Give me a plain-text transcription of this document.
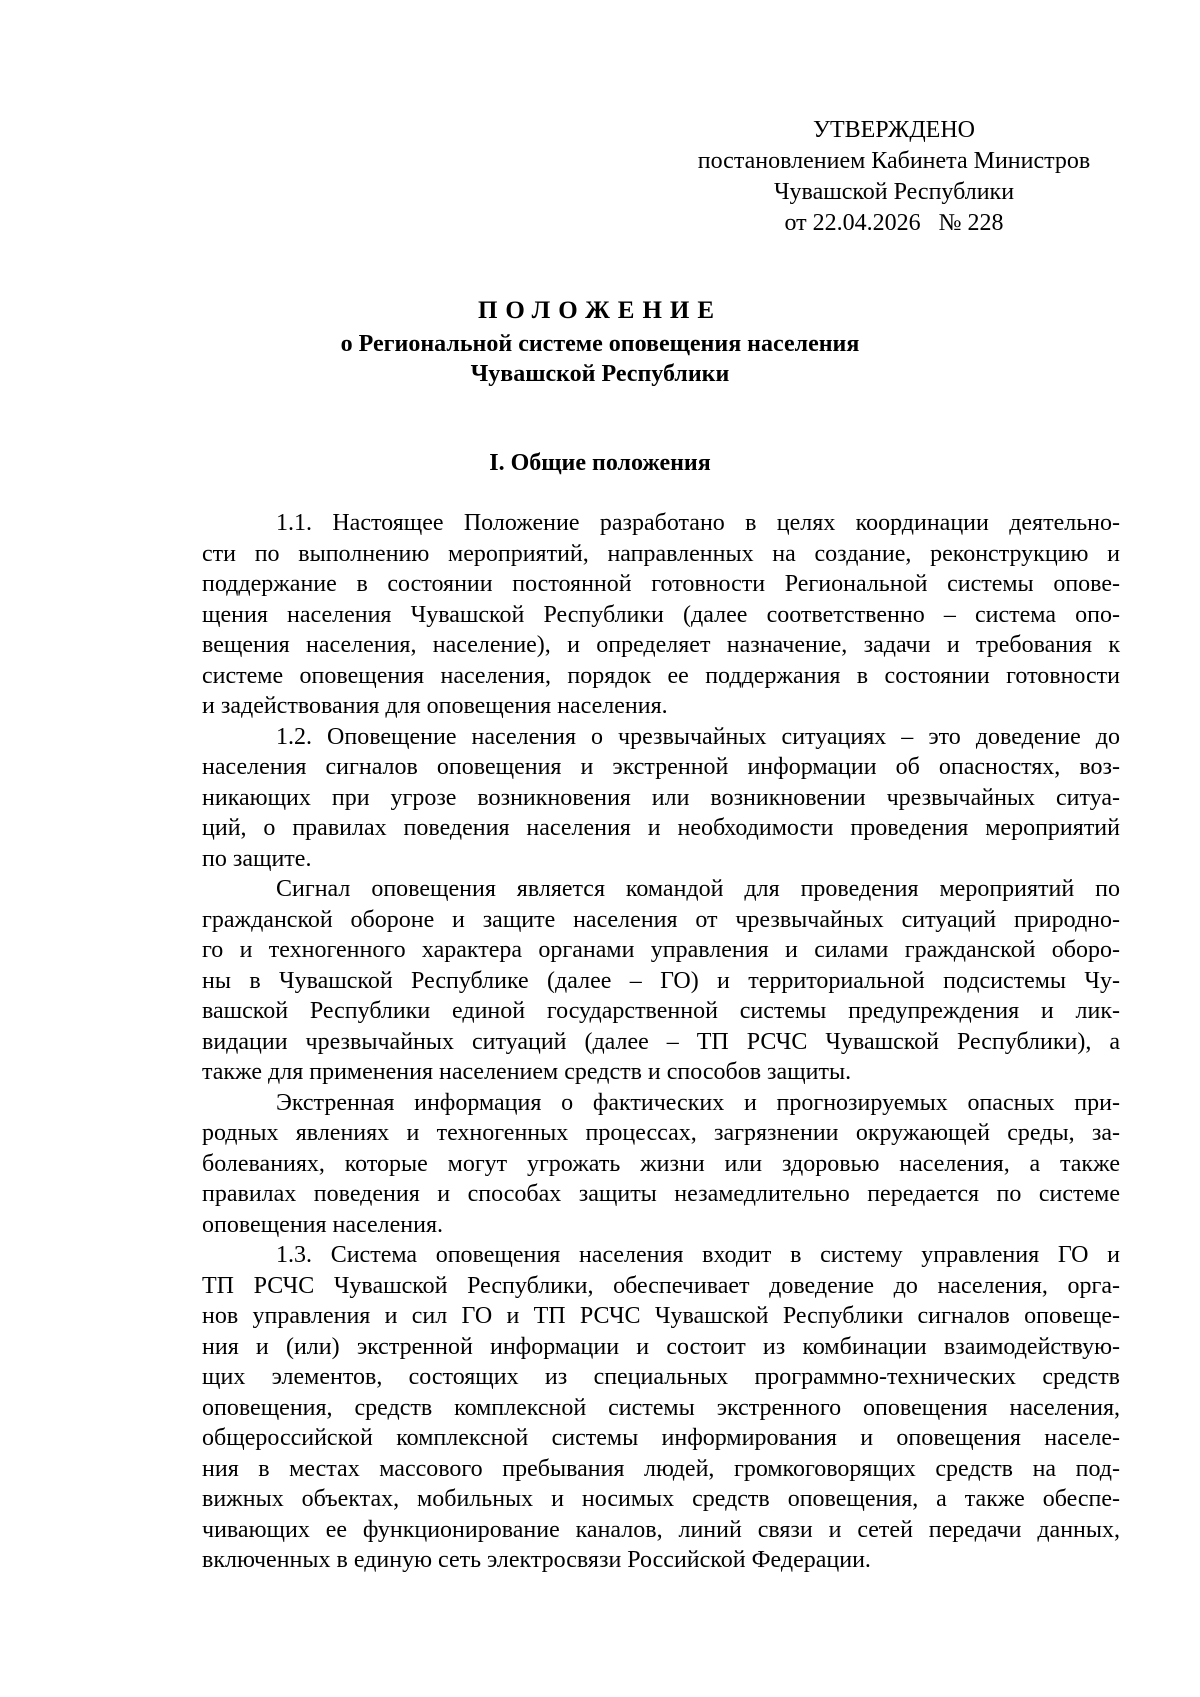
УТВЕРЖДЕНО
постановлением Кабинета Министров
Чувашской Республики
от 22.04.2026 № 228
ПОЛОЖЕНИЕ
о Региональной системе оповещения населения
Чувашской Республики
I. Общие положения

1.1. Настоящее Положение разработано в целях координации деятельно-
сти по выполнению мероприятий, направленных на создание, реконструкцию и
поддержание в состоянии постоянной готовности Региональной системы опове-
щения населения Чувашской Республики (далее соответственно – система опо-
вещения населения, население), и определяет назначение, задачи и требования к
системе оповещения населения, порядок ее поддержания в состоянии готовности
и задействования для оповещения населения.

1.2. Оповещение населения о чрезвычайных ситуациях – это доведение до
населения сигналов оповещения и экстренной информации об опасностях, воз-
никающих при угрозе возникновения или возникновении чрезвычайных ситуа-
ций, о правилах поведения населения и необходимости проведения мероприятий
по защите.

Сигнал оповещения является командой для проведения мероприятий по
гражданской обороне и защите населения от чрезвычайных ситуаций природно-
го и техногенного характера органами управления и силами гражданской оборо-
ны в Чувашской Республике (далее – ГО) и территориальной подсистемы Чу-
вашской Республики единой государственной системы предупреждения и лик-
видации чрезвычайных ситуаций (далее – ТП РСЧС Чувашской Республики), а
также для применения населением средств и способов защиты.

Экстренная информация о фактических и прогнозируемых опасных при-
родных явлениях и техногенных процессах, загрязнении окружающей среды, за-
болеваниях, которые могут угрожать жизни или здоровью населения, а также
правилах поведения и способах защиты незамедлительно передается по системе
оповещения населения.

1.3. Система оповещения населения входит в систему управления ГО и
ТП РСЧС Чувашской Республики, обеспечивает доведение до населения, орга-
нов управления и сил ГО и ТП РСЧС Чувашской Республики сигналов оповеще-
ния и (или) экстренной информации и состоит из комбинации взаимодействую-
щих элементов, состоящих из специальных программно-технических средств
оповещения, средств комплексной системы экстренного оповещения населения,
общероссийской комплексной системы информирования и оповещения населе-
ния в местах массового пребывания людей, громкоговорящих средств на под-
вижных объектах, мобильных и носимых средств оповещения, а также обеспе-
чивающих ее функционирование каналов, линий связи и сетей передачи данных,
включенных в единую сеть электросвязи Российской Федерации.
